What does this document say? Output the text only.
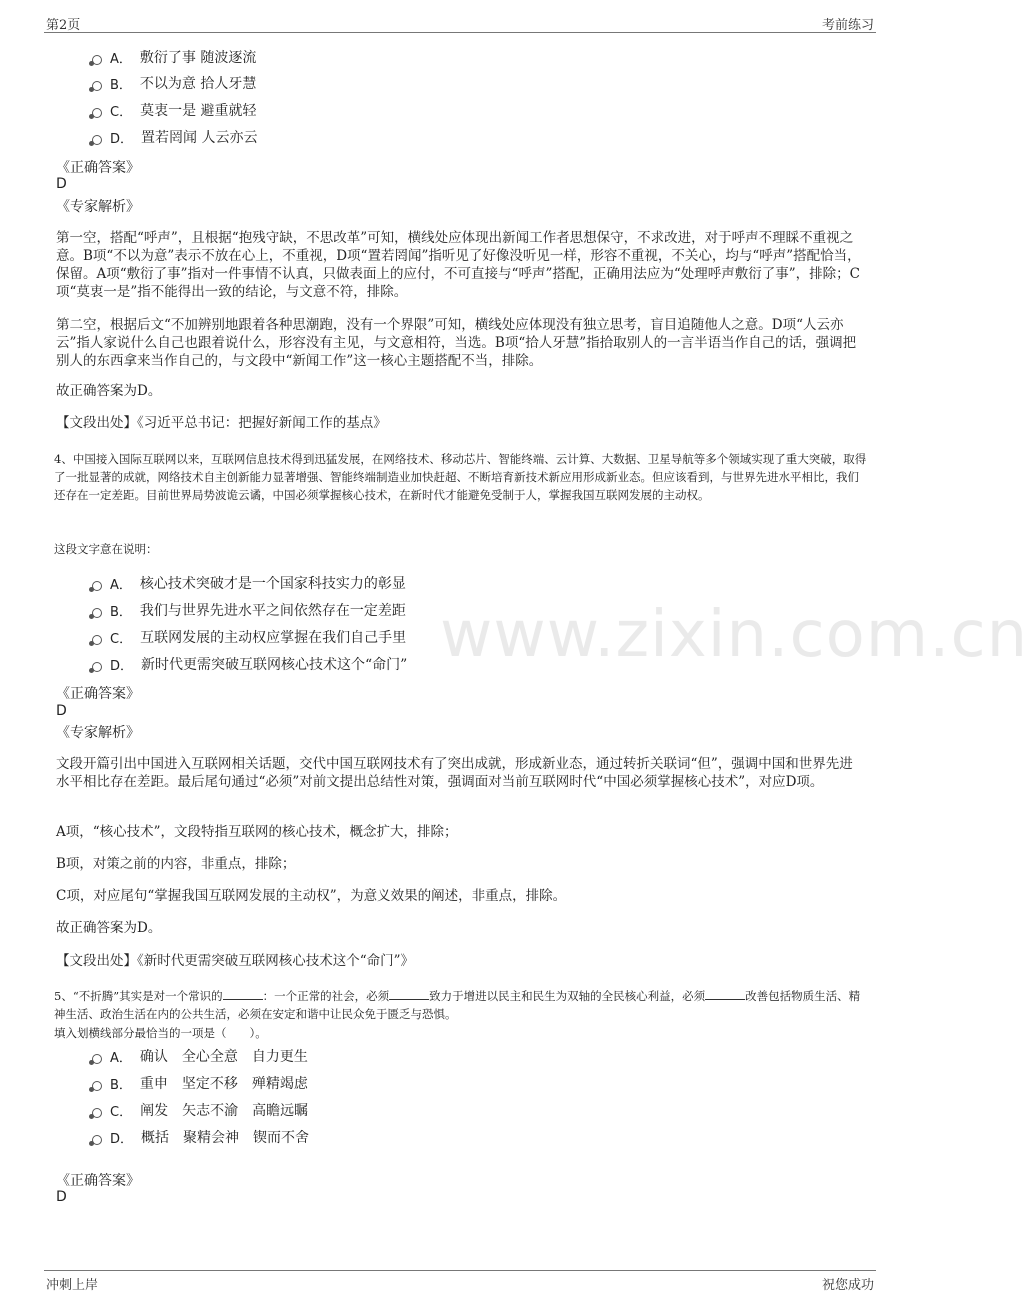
第2页	考前练习
www.zixin.com.cn
A． 敷衍了事 随波逐流
B． 不以为意 拾人牙慧
C． 莫衷一是 避重就轻
D． 置若罔闻 人云亦云
《正确答案》
D
《专家解析》

第一空，搭配“呼声”，且根据“抱残守缺，不思改革”可知，横线处应体现出新闻工作者思想保守，不求改进，对于呼声不理睬不重视之意。B项“不以为意”表示不放在心上，不重视，D项“置若罔闻”指听见了好像没听见一样，形容不重视，不关心，均与“呼声”搭配恰当，保留。A项“敷衍了事”指对一件事情不认真，只做表面上的应付，不可直接与“呼声”搭配，正确用法应为“处理呼声敷衍了事”，排除；C项“莫衷一是”指不能得出一致的结论，与文意不符，排除。

第二空，根据后文“不加辨别地跟着各种思潮跑，没有一个界限”可知，横线处应体现没有独立思考，盲目追随他人之意。D项“人云亦云”指人家说什么自己也跟着说什么，形容没有主见，与文意相符，当选。B项“拾人牙慧”指拾取别人的一言半语当作自己的话，强调把别人的东西拿来当作自己的，与文段中“新闻工作”这一核心主题搭配不当，排除。

故正确答案为D。

【文段出处】《习近平总书记：把握好新闻工作的基点》

4、中国接入国际互联网以来，互联网信息技术得到迅猛发展，在网络技术、移动芯片、智能终端、云计算、大数据、卫星导航等多个领域实现了重大突破，取得了一批显著的成就，网络技术自主创新能力显著增强、智能终端制造业加快赶超、不断培育新技术新应用形成新业态。但应该看到，与世界先进水平相比，我们还存在一定差距。目前世界局势波诡云谲，中国必须掌握核心技术，在新时代才能避免受制于人，掌握我国互联网发展的主动权。

这段文字意在说明：

A． 核心技术突破才是一个国家科技实力的彰显
B． 我们与世界先进水平之间依然存在一定差距
C． 互联网发展的主动权应掌握在我们自己手里
D． 新时代更需突破互联网核心技术这个“命门”
《正确答案》
D
《专家解析》

文段开篇引出中国进入互联网相关话题，交代中国互联网技术有了突出成就，形成新业态，通过转折关联词“但”，强调中国和世界先进水平相比存在差距。最后尾句通过“必须”对前文提出总结性对策，强调面对当前互联网时代“中国必须掌握核心技术”，对应D项。

A项，“核心技术”，文段特指互联网的核心技术，概念扩大，排除；

B项，对策之前的内容，非重点，排除；

C项，对应尾句“掌握我国互联网发展的主动权”，为意义效果的阐述，非重点，排除。

故正确答案为D。

【文段出处】《新时代更需突破互联网核心技术这个“命门”》

5、“不折腾”其实是对一个常识的	：一个正常的社会，必须	致力于增进以民主和民生为双轴的全民核心利益，必须	改善包括物质生活、精神生活、政治生活在内的公共生活，必须在安定和谐中让民众免于匮乏与恐惧。

填入划横线部分最恰当的一项是（　　）。

A． 确认　全心全意　自力更生
B． 重申　坚定不移　殚精竭虑
C． 阐发　矢志不渝　高瞻远瞩
D． 概括　聚精会神　锲而不舍
《正确答案》
D
冲刺上岸	祝您成功
